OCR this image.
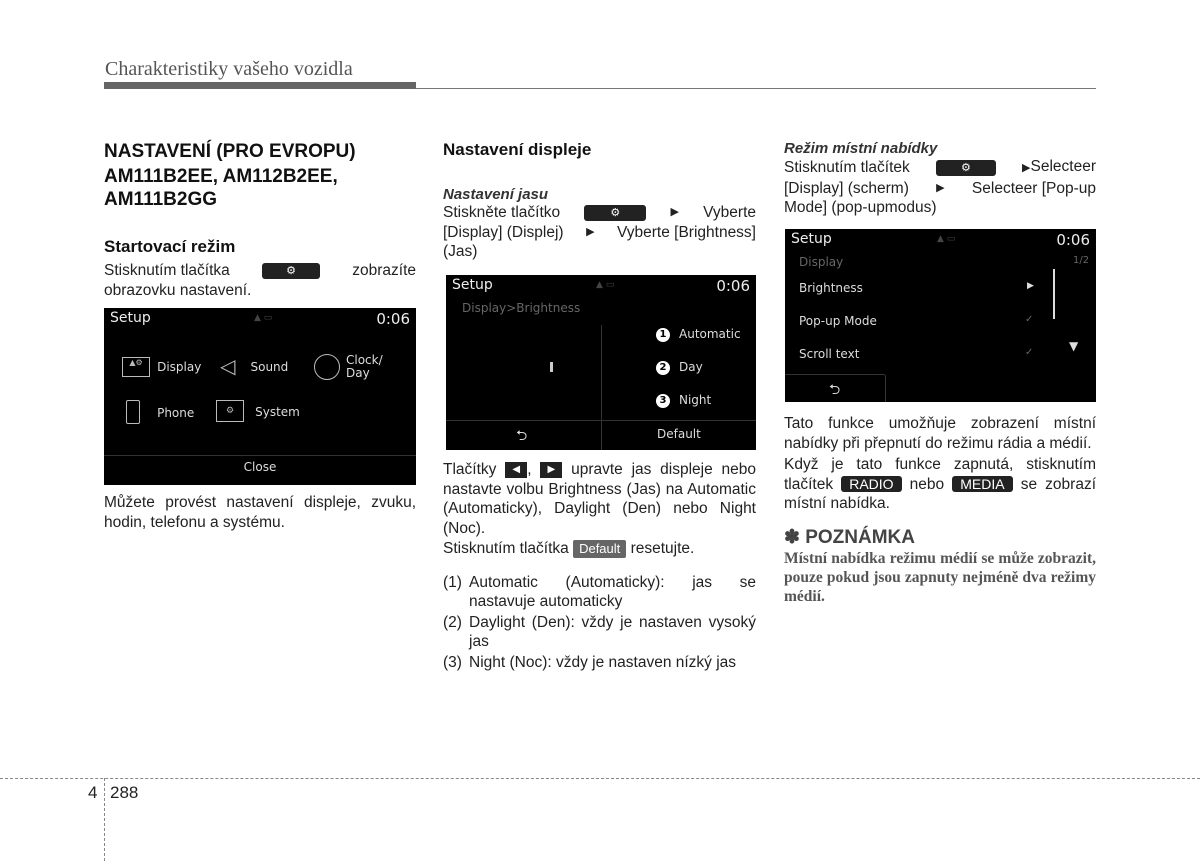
Charakteristiky vašeho vozidla
NASTAVENÍ (PRO EVROPU)
AM111B2EE, AM112B2EE,
AM111B2GG
Startovací režim
Stisknutím tlačítka	⚙	zobrazíte
obrazovku nastavení.
Setup	▲ ▭	0:06
▲⚙ Display ◁ Sound	Clock/
Day
Phone	⚙ System
Close
Můžete provést nastavení displeje, zvuku, hodin, telefonu a systému.
Nastavení displeje
Nastavení jasu
Stiskněte tlačítko	⚙	▶ Vyberte
[Display] (Displej) ▶ Vyberte [Brightness]
(Jas)
Setup	▲ ▭	0:06
Display>Brightness
1 Automatic
2 Day
3 Night
⮌	Default
Tlačítky ◀ , ▶ upravte jas displeje nebo nastavte volbu Brightness (Jas) na Automatic (Automaticky), Daylight (Den) nebo Night (Noc).
Stisknutím tlačítka Default resetujte.
(1) Automatic (Automaticky): jas se nastavuje automaticky
(2) Daylight (Den): vždy je nastaven vysoký jas
(3) Night (Noc): vždy je nastaven nízký jas
Režim místní nabídky
Stisknutím tlačítek	⚙	▶Selecteer
[Display] (scherm) ▶ Selecteer [Pop-up
Mode] (pop-upmodus)
Setup	▲ ▭	0:06
Display	1/2
Brightness	▶
Pop-up Mode	✓
Scroll text	✓	▼
⮌
Tato funkce umožňuje zobrazení místní nabídky při přepnutí do režimu rádia a médií.
Když je tato funkce zapnutá, stisknutím tlačítek RADIO nebo MEDIA se zobrazí místní nabídka.
✽ POZNÁMKA
Místní nabídka režimu médií se může zobrazit, pouze pokud jsou zapnuty nejméně dva režimy médií.
4 288
